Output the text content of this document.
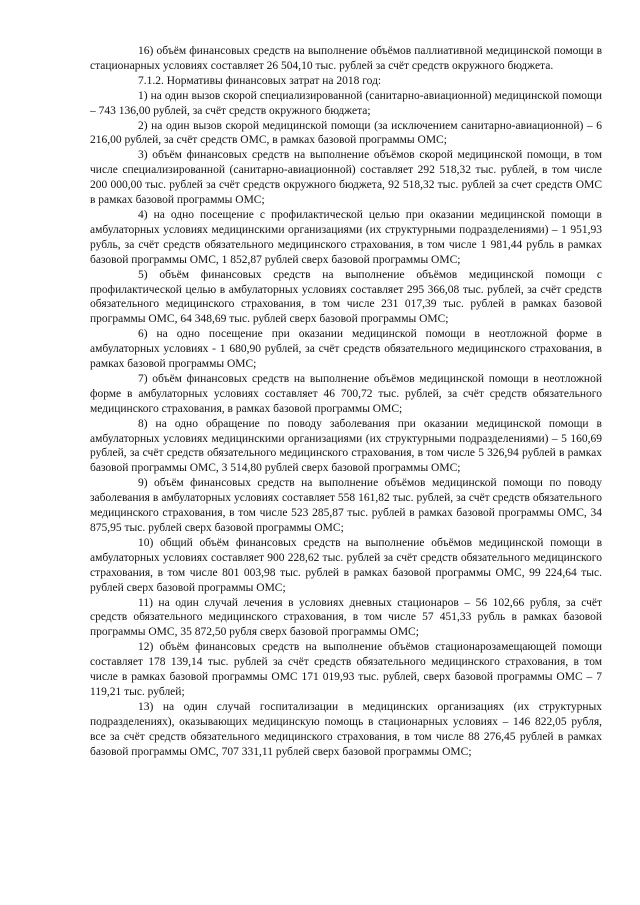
16) объём финансовых средств на выполнение объёмов паллиативной медицинской помощи в стационарных условиях составляет 26 504,10 тыс. рублей за счёт средств окружного бюджета.

7.1.2. Нормативы финансовых затрат на 2018 год:

1) на один вызов скорой специализированной (санитарно-авиационной) медицинской помощи – 743 136,00 рублей, за счёт средств окружного бюджета;

2) на один вызов скорой медицинской помощи (за исключением санитарно-авиационной) – 6 216,00 рублей, за счёт средств ОМС, в рамках базовой программы ОМС;

3) объём финансовых средств на выполнение объёмов скорой медицинской помощи, в том числе специализированной (санитарно-авиационной) составляет 292 518,32 тыс. рублей, в том числе 200 000,00 тыс. рублей за счёт средств окружного бюджета, 92 518,32 тыс. рублей за счет средств ОМС в рамках базовой программы ОМС;

4) на одно посещение с профилактической целью при оказании медицинской помощи в амбулаторных условиях медицинскими организациями (их структурными подразделениями) – 1 951,93 рубль, за счёт средств обязательного медицинского страхования, в том числе 1 981,44 рубль в рамках базовой программы ОМС, 1 852,87 рублей сверх базовой программы ОМС;

5) объём финансовых средств на выполнение объёмов медицинской помощи с профилактической целью в амбулаторных условиях составляет 295 366,08 тыс. рублей, за счёт средств обязательного медицинского страхования, в том числе 231 017,39 тыс. рублей в рамках базовой программы ОМС, 64 348,69 тыс. рублей сверх базовой программы ОМС;

6) на одно посещение при оказании медицинской помощи в неотложной форме в амбулаторных условиях - 1 680,90 рублей, за счёт средств обязательного медицинского страхования, в рамках базовой программы ОМС;

7) объём финансовых средств на выполнение объёмов медицинской помощи в неотложной форме в амбулаторных условиях составляет 46 700,72 тыс. рублей, за счёт средств обязательного медицинского страхования, в рамках базовой программы ОМС;

8) на одно обращение по поводу заболевания при оказании медицинской помощи в амбулаторных условиях медицинскими организациями (их структурными подразделениями) – 5 160,69 рублей, за счёт средств обязательного медицинского страхования, в том числе 5 326,94 рублей в рамках базовой программы ОМС, 3 514,80 рублей сверх базовой программы ОМС;

9) объём финансовых средств на выполнение объёмов медицинской помощи по поводу заболевания в амбулаторных условиях составляет 558 161,82 тыс. рублей, за счёт средств обязательного медицинского страхования, в том числе 523 285,87 тыс. рублей в рамках базовой программы ОМС, 34 875,95 тыс. рублей сверх базовой программы ОМС;

10) общий объём финансовых средств на выполнение объёмов медицинской помощи в амбулаторных условиях составляет 900 228,62 тыс. рублей за счёт средств обязательного медицинского страхования, в том числе 801 003,98 тыс. рублей в рамках базовой программы ОМС, 99 224,64 тыс. рублей сверх базовой программы ОМС;

11) на один случай лечения в условиях дневных стационаров – 56 102,66 рубля, за счёт средств обязательного медицинского страхования, в том числе 57 451,33 рубль в рамках базовой программы ОМС, 35 872,50 рубля сверх базовой программы ОМС;

12) объём финансовых средств на выполнение объёмов стационарозамещающей помощи составляет 178 139,14 тыс. рублей за счёт средств обязательного медицинского страхования, в том числе в рамках базовой программы ОМС 171 019,93 тыс. рублей, сверх базовой программы ОМС – 7 119,21 тыс. рублей;

13) на один случай госпитализации в медицинских организациях (их структурных подразделениях), оказывающих медицинскую помощь в стационарных условиях – 146 822,05 рубля, все за счёт средств обязательного медицинского страхования, в том числе 88 276,45 рублей в рамках базовой программы ОМС, 707 331,11 рублей сверх базовой программы ОМС;
